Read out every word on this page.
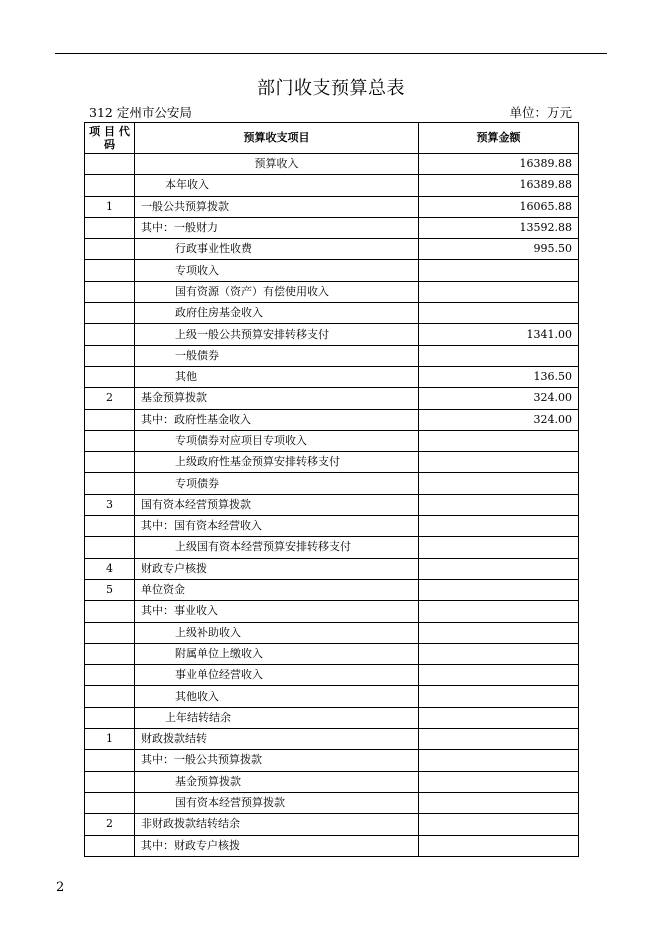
部门收支预算总表
312 定州市公安局	单位：万元
项 目 代 码	预算收支项目	预算金额
	预算收入	16389.88
	本年收入	16389.88
1	一般公共预算拨款	16065.88
	其中：一般财力	13592.88
	行政事业性收费	995.50
	专项收入	
	国有资源（资产）有偿使用收入	
	政府住房基金收入	
	上级一般公共预算安排转移支付	1341.00
	一般债券	
	其他	136.50
2	基金预算拨款	324.00
	其中：政府性基金收入	324.00
	专项债券对应项目专项收入	
	上级政府性基金预算安排转移支付	
	专项债券	
3	国有资本经营预算拨款	
	其中：国有资本经营收入	
	上级国有资本经营预算安排转移支付	
4	财政专户核拨	
5	单位资金	
	其中：事业收入	
	上级补助收入	
	附属单位上缴收入	
	事业单位经营收入	
	其他收入	
	上年结转结余	
1	财政拨款结转	
	其中：一般公共预算拨款	
	基金预算拨款	
	国有资本经营预算拨款	
2	非财政拨款结转结余	
	其中：财政专户核拨	
2
